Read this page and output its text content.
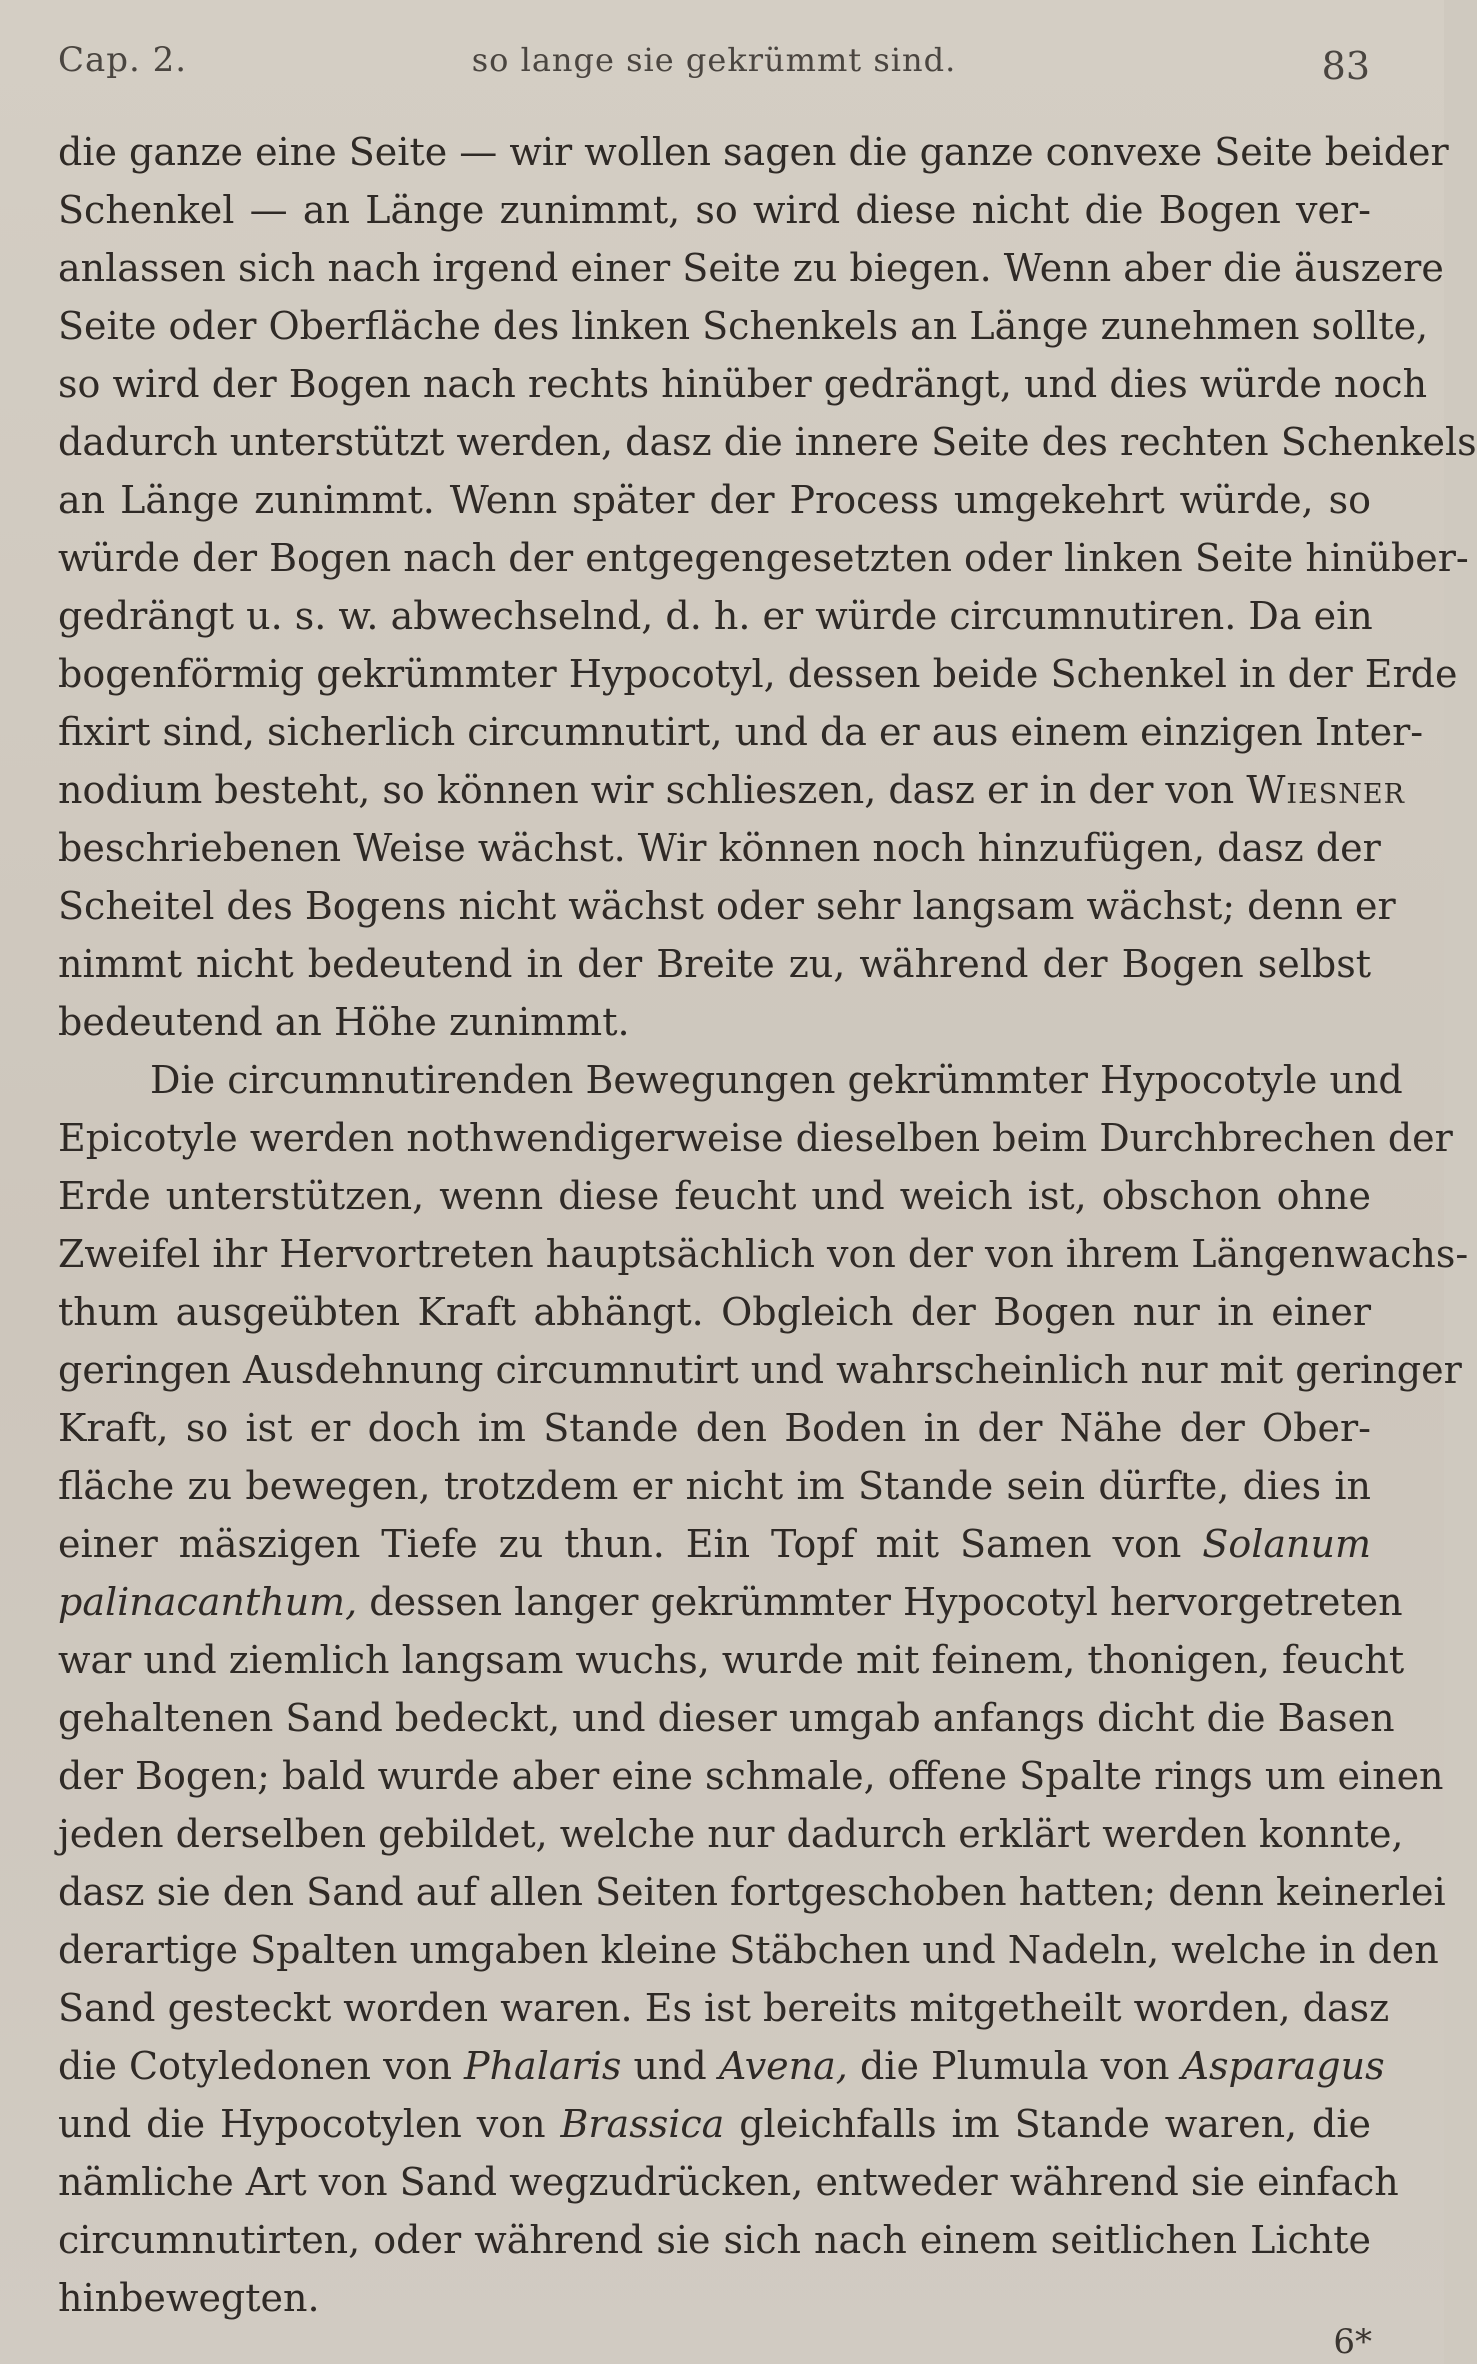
Cap. 2.	so lange sie gekrümmt sind.	83
die ganze eine Seite — wir wollen sagen die ganze convexe Seite beider
Schenkel — an Länge zunimmt, so wird diese nicht die Bogen ver-
anlassen sich nach irgend einer Seite zu biegen. Wenn aber die äuszere
Seite oder Oberfläche des linken Schenkels an Länge zunehmen sollte,
so wird der Bogen nach rechts hinüber gedrängt, und dies würde noch
dadurch unterstützt werden, dasz die innere Seite des rechten Schenkels
an Länge zunimmt. Wenn später der Process umgekehrt würde, so
würde der Bogen nach der entgegengesetzten oder linken Seite hinüber-
gedrängt u. s. w. abwechselnd, d. h. er würde circumnutiren. Da ein
bogenförmig gekrümmter Hypocotyl, dessen beide Schenkel in der Erde
fixirt sind, sicherlich circumnutirt, und da er aus einem einzigen Inter-
nodium besteht, so können wir schlieszen, dasz er in der von Wiesner
beschriebenen Weise wächst. Wir können noch hinzufügen, dasz der
Scheitel des Bogens nicht wächst oder sehr langsam wächst; denn er
nimmt nicht bedeutend in der Breite zu, während der Bogen selbst
bedeutend an Höhe zunimmt.
Die circumnutirenden Bewegungen gekrümmter Hypocotyle und
Epicotyle werden nothwendigerweise dieselben beim Durchbrechen der
Erde unterstützen, wenn diese feucht und weich ist, obschon ohne
Zweifel ihr Hervortreten hauptsächlich von der von ihrem Längenwachs-
thum ausgeübten Kraft abhängt. Obgleich der Bogen nur in einer
geringen Ausdehnung circumnutirt und wahrscheinlich nur mit geringer
Kraft, so ist er doch im Stande den Boden in der Nähe der Ober-
fläche zu bewegen, trotzdem er nicht im Stande sein dürfte, dies in
einer mäszigen Tiefe zu thun. Ein Topf mit Samen von Solanum
palinacanthum, dessen langer gekrümmter Hypocotyl hervorgetreten
war und ziemlich langsam wuchs, wurde mit feinem, thonigen, feucht
gehaltenen Sand bedeckt, und dieser umgab anfangs dicht die Basen
der Bogen; bald wurde aber eine schmale, offene Spalte rings um einen
jeden derselben gebildet, welche nur dadurch erklärt werden konnte,
dasz sie den Sand auf allen Seiten fortgeschoben hatten; denn keinerlei
derartige Spalten umgaben kleine Stäbchen und Nadeln, welche in den
Sand gesteckt worden waren. Es ist bereits mitgetheilt worden, dasz
die Cotyledonen von Phalaris und Avena, die Plumula von Asparagus
und die Hypocotylen von Brassica gleichfalls im Stande waren, die
nämliche Art von Sand wegzudrücken, entweder während sie einfach
circumnutirten, oder während sie sich nach einem seitlichen Lichte
hinbewegten.
6*
